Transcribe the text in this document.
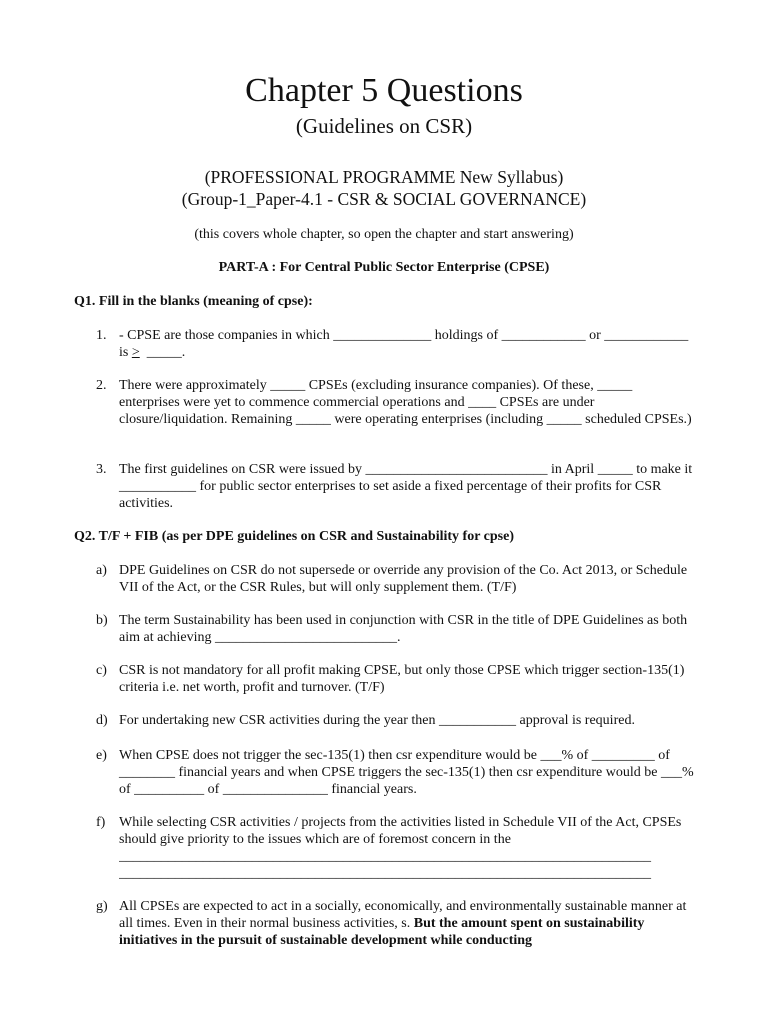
Chapter 5 Questions
(Guidelines on CSR)
(PROFESSIONAL PROGRAMME New Syllabus)
(Group-1_Paper-4.1 - CSR & SOCIAL GOVERNANCE)
(this covers whole chapter, so open the chapter and start answering)
PART-A : For Central Public Sector Enterprise (CPSE)
Q1. Fill in the blanks (meaning of cpse):
1. - CPSE are those companies in which ______________ holdings of ____________ or ____________ is >  _____.
2. There were approximately _____ CPSEs (excluding insurance companies). Of these, _____ enterprises were yet to commence commercial operations and ____ CPSEs are under closure/liquidation. Remaining _____ were operating enterprises (including _____ scheduled CPSEs.)
3. The first guidelines on CSR were issued by __________________________ in April _____ to make it ___________ for public sector enterprises to set aside a fixed percentage of their profits for CSR activities.
Q2. T/F + FIB (as per DPE guidelines on CSR and Sustainability for cpse)
a) DPE Guidelines on CSR do not supersede or override any provision of the Co. Act 2013, or Schedule VII of the Act, or the CSR Rules, but will only supplement them. (T/F)
b) The term Sustainability has been used in conjunction with CSR in the title of DPE Guidelines as both aim at achieving __________________________.
c) CSR is not mandatory for all profit making CPSE, but only those CPSE which trigger section-135(1) criteria i.e. net worth, profit and turnover. (T/F)
d) For undertaking new CSR activities during the year then ___________ approval is required.
e) When CPSE does not trigger the sec-135(1) then csr expenditure would be ___% of _________ of ________ financial years and when CPSE triggers the sec-135(1) then csr expenditure would be ___% of __________ of _______________ financial years.
f) While selecting CSR activities / projects from the activities listed in Schedule VII of the Act, CPSEs should give priority to the issues which are of foremost concern in the
____________________________________________________________________________
____________________________________________________________________________
g) All CPSEs are expected to act in a socially, economically, and environmentally sustainable manner at all times. Even in their normal business activities, s. But the amount spent on sustainability initiatives in the pursuit of sustainable development while conducting
